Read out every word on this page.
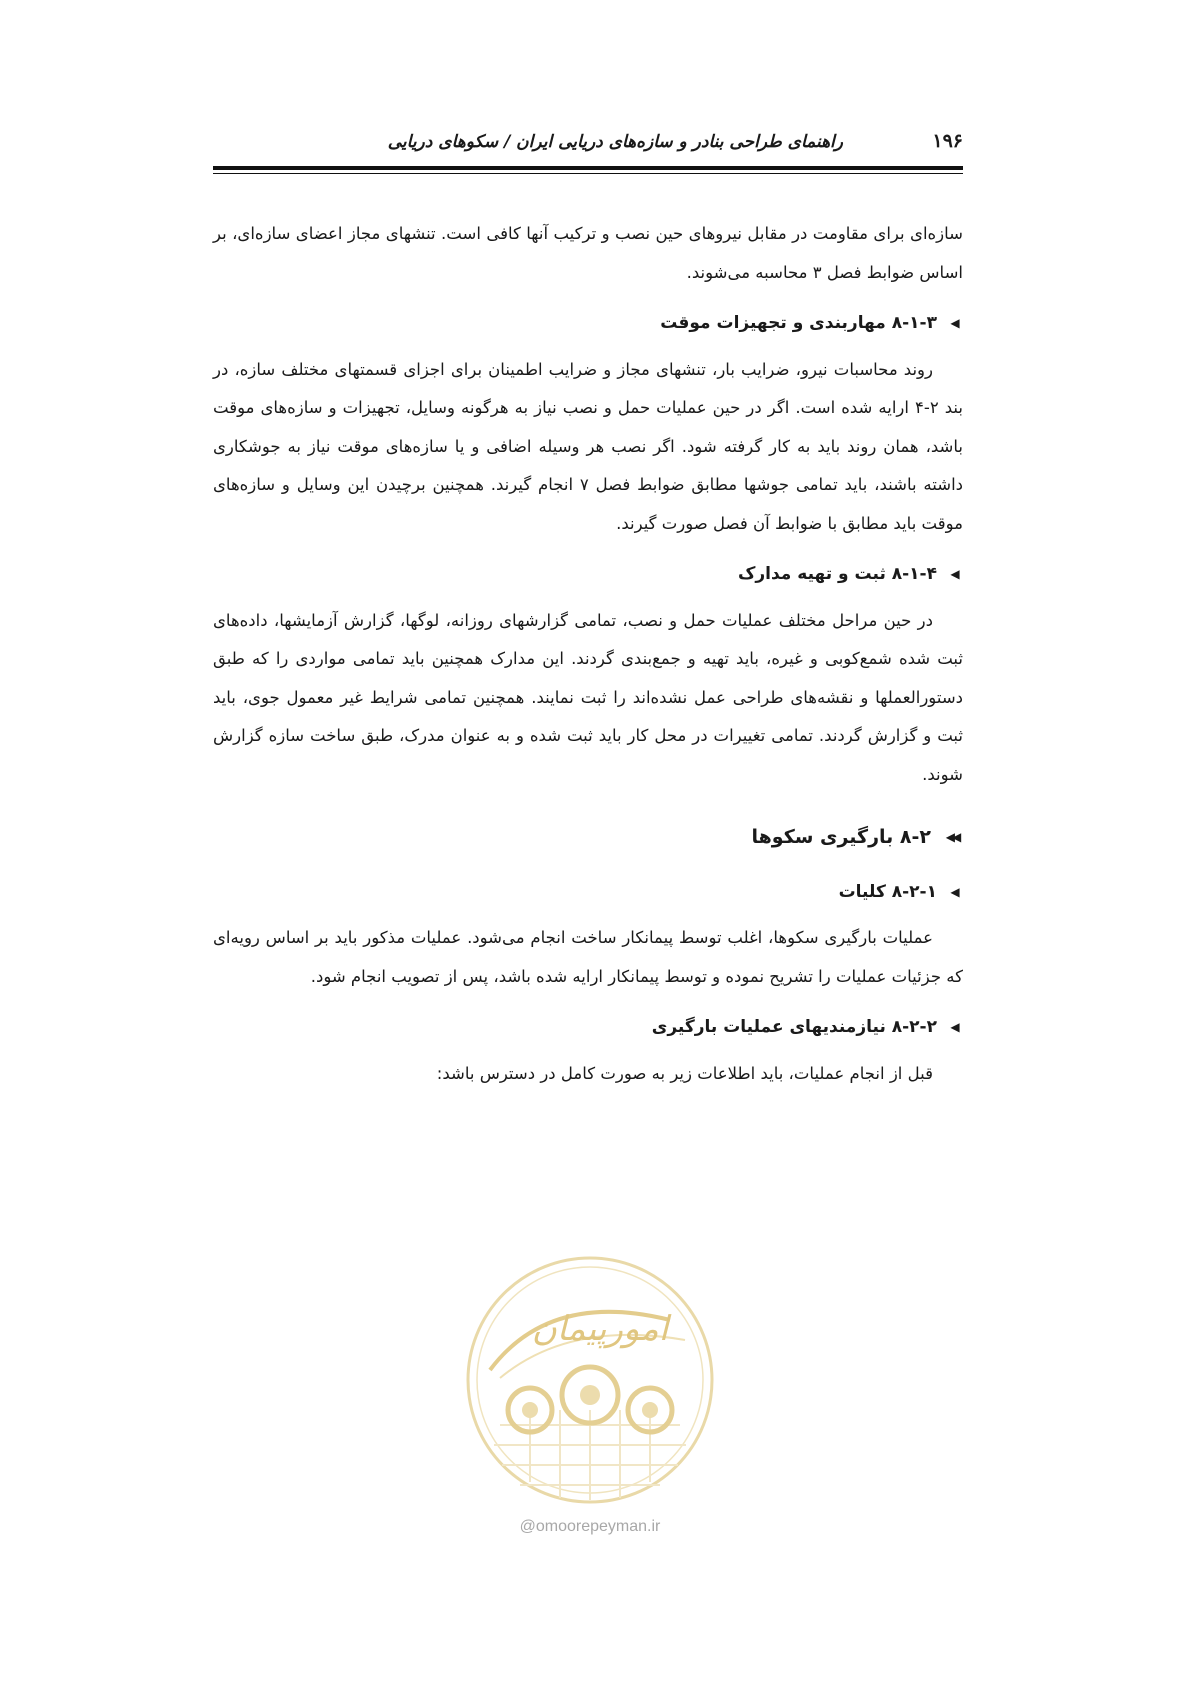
۱۹۶
راهنمای طراحی بنادر و سازه‌های دریایی ایران / سکوهای دریایی

سازه‌ای برای مقاومت در مقابل نیروهای حین نصب و ترکیب آنها کافی است. تنشهای مجاز اعضای سازه‌ای، بر اساس ضوابط فصل ۳ محاسبه می‌شوند.

◀
۸-۱-۳ مهاربندی و تجهیزات موقت

روند محاسبات نیرو، ضرایب بار، تنشهای مجاز و ضرایب اطمینان برای اجزای قسمتهای مختلف سازه، در بند ۲-۴ ارایه شده است. اگر در حین عملیات حمل و نصب نیاز به هرگونه وسایل، تجهیزات و سازه‌های موقت باشد، همان روند باید به کار گرفته شود. اگر نصب هر وسیله اضافی و یا سازه‌های موقت نیاز به جوشکاری داشته باشند، باید تمامی جوشها مطابق ضوابط فصل ۷ انجام گیرند. همچنین برچیدن این وسایل و سازه‌های موقت باید مطابق با ضوابط آن فصل صورت گیرند.

◀
۸-۱-۴ ثبت و تهیه مدارک

در حین مراحل مختلف عملیات حمل و نصب، تمامی گزارشهای روزانه، لوگها، گزارش آزمایشها، داده‌های ثبت شده شمع‌کوبی و غیره، باید تهیه و جمع‌بندی گردند. این مدارک همچنین باید تمامی مواردی را که طبق دستورالعملها و نقشه‌های طراحی عمل نشده‌اند را ثبت نمایند. همچنین تمامی شرایط غیر معمول جوی، باید ثبت و گزارش گردند. تمامی تغییرات در محل کار باید ثبت شده و به عنوان مدرک، طبق ساخت سازه گزارش شوند.

◀◀
۸-۲ بارگیری سکوها
◀
۸-۲-۱ کلیات

عملیات بارگیری سکوها، اغلب توسط پیمانکار ساخت انجام می‌شود. عملیات مذکور باید بر اساس رویه‌ای که جزئیات عملیات را تشریح نموده و توسط پیمانکار ارایه شده باشد، پس از تصویب انجام شود.

◀
۸-۲-۲ نیازمندیهای عملیات بارگیری

قبل از انجام عملیات، باید اطلاعات زیر به صورت کامل در دسترس باشد:

امورپیمان
@omoorepeyman.ir
